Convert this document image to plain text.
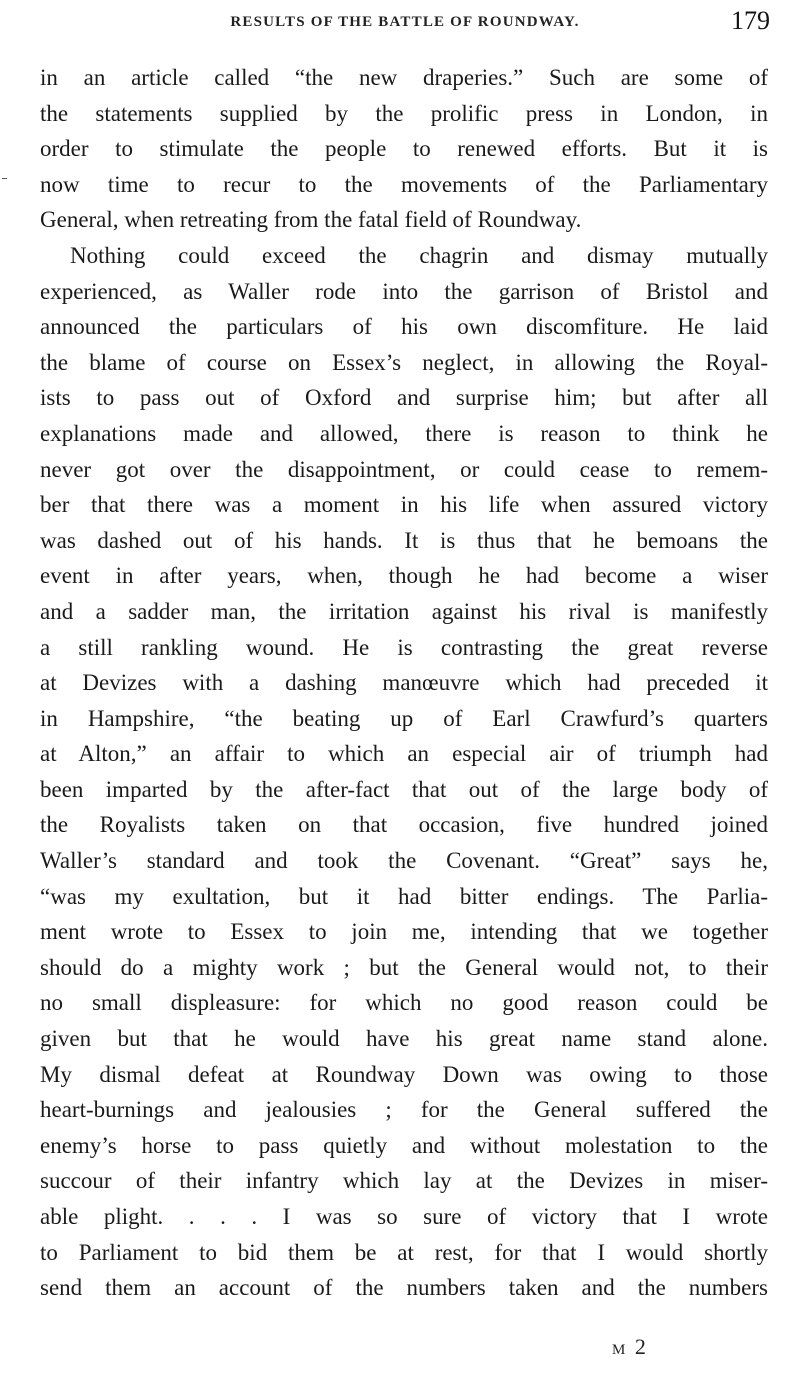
RESULTS OF THE BATTLE OF ROUNDWAY.	179
in an article called “the new draperies.” Such are some of
the statements supplied by the prolific press in London, in
order to stimulate the people to renewed efforts. But it is
now time to recur to the movements of the Parliamentary
General, when retreating from the fatal field of Roundway.
Nothing could exceed the chagrin and dismay mutually
experienced, as Waller rode into the garrison of Bristol and
announced the particulars of his own discomfiture. He laid
the blame of course on Essex’s neglect, in allowing the Royal-
ists to pass out of Oxford and surprise him; but after all
explanations made and allowed, there is reason to think he
never got over the disappointment, or could cease to remem-
ber that there was a moment in his life when assured victory
was dashed out of his hands. It is thus that he bemoans the
event in after years, when, though he had become a wiser
and a sadder man, the irritation against his rival is manifestly
a still rankling wound. He is contrasting the great reverse
at Devizes with a dashing manœuvre which had preceded it
in Hampshire, “the beating up of Earl Crawfurd’s quarters
at Alton,” an affair to which an especial air of triumph had
been imparted by the after-fact that out of the large body of
the Royalists taken on that occasion, five hundred joined
Waller’s standard and took the Covenant. “Great” says he,
“was my exultation, but it had bitter endings. The Parlia-
ment wrote to Essex to join me, intending that we together
should do a mighty work ; but the General would not, to their
no small displeasure: for which no good reason could be
given but that he would have his great name stand alone.
My dismal defeat at Roundway Down was owing to those
heart-burnings and jealousies ; for the General suffered the
enemy’s horse to pass quietly and without molestation to the
succour of their infantry which lay at the Devizes in miser-
able plight. . . . I was so sure of victory that I wrote
to Parliament to bid them be at rest, for that I would shortly
send them an account of the numbers taken and the numbers
M 2
